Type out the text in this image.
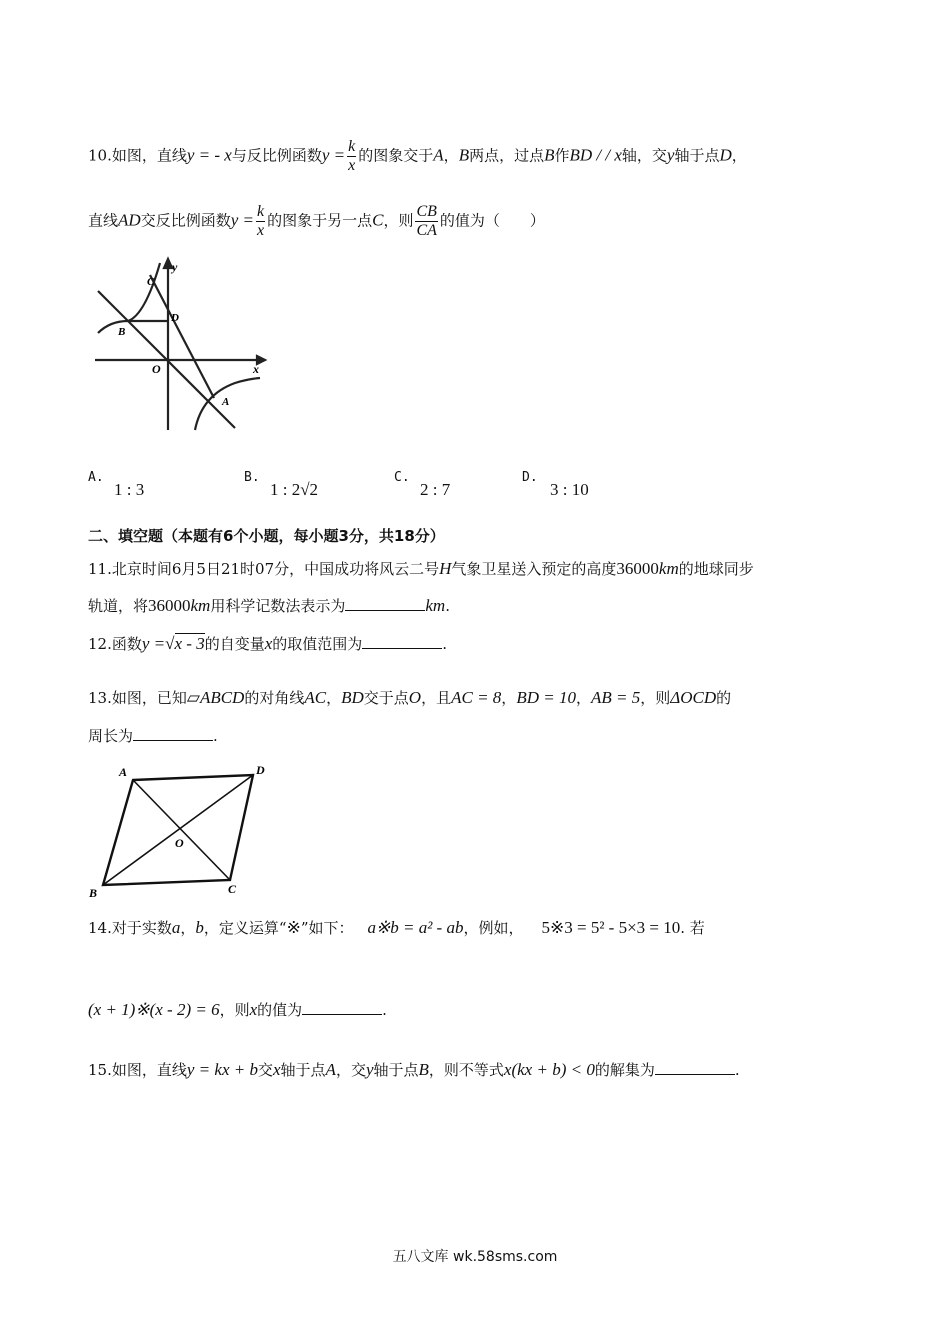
10.如图，直线y = - x与反比例函数$y = \frac{k}{x}$ 的图象交于A，B两点，过点B作BD / / x轴，交y轴于点D，
直线AD交反比例函数$y = \frac{k}{x}$ 的图象于另一点C，则 $\frac{CB}{CA}$ 的值为（　　）
y
x
O
A
B
C
D
A.
1 : 3
B.
1 : 2√2
C.
2 : 7
D.
3 : 10
二、填空题（本题有6个小题，每小题3分，共18分）
11.北京时间6月5日21时07分，中国成功将风云二号H气象卫星送入预定的高度36000km的地球同步
轨道，将36000km用科学记数法表示为	km.
12.函数y =√x - 3的自变量x的取值范围为	.
13.如图，已知▱ABCD的对角线AC，BD交于点O，且AC = 8，BD = 10，AB = 5，则ΔOCD的
周长为	.
A	D
C
B
O
14.对于实数a，b，定义运算“※”如下： a※b = a² - ab，例如， 5※3 = 5² - 5×3 = 10. 若
(x + 1)※(x - 2) = 6，则x的值为	.
15.如图，直线y = kx + b交x轴于点A，交y轴于点B，则不等式x(kx + b) < 0的解集为	.
五八文库 wk.58sms.com
